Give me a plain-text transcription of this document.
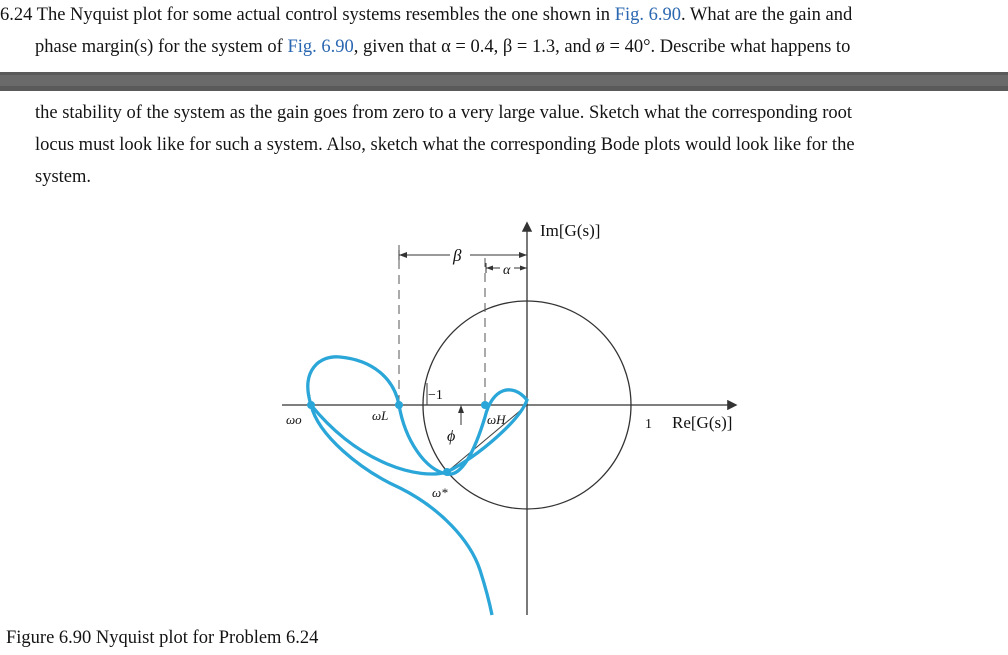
6.24 The Nyquist plot for some actual control systems resembles the one shown in Fig. 6.90. What are the gain and
phase margin(s) for the system of Fig. 6.90, given that α = 0.4, β = 1.3, and ø = 40°. Describe what happens to
the stability of the system as the gain goes from zero to a very large value. Sketch what the corresponding root
locus must look like for such a system. Also, sketch what the corresponding Bode plots would look like for the
system.
Im[G(s)]
Re[G(s)]
−1
1
β
α
ϕ
ωo	ωL	ωH
ω*
Figure 6.90 Nyquist plot for Problem 6.24
